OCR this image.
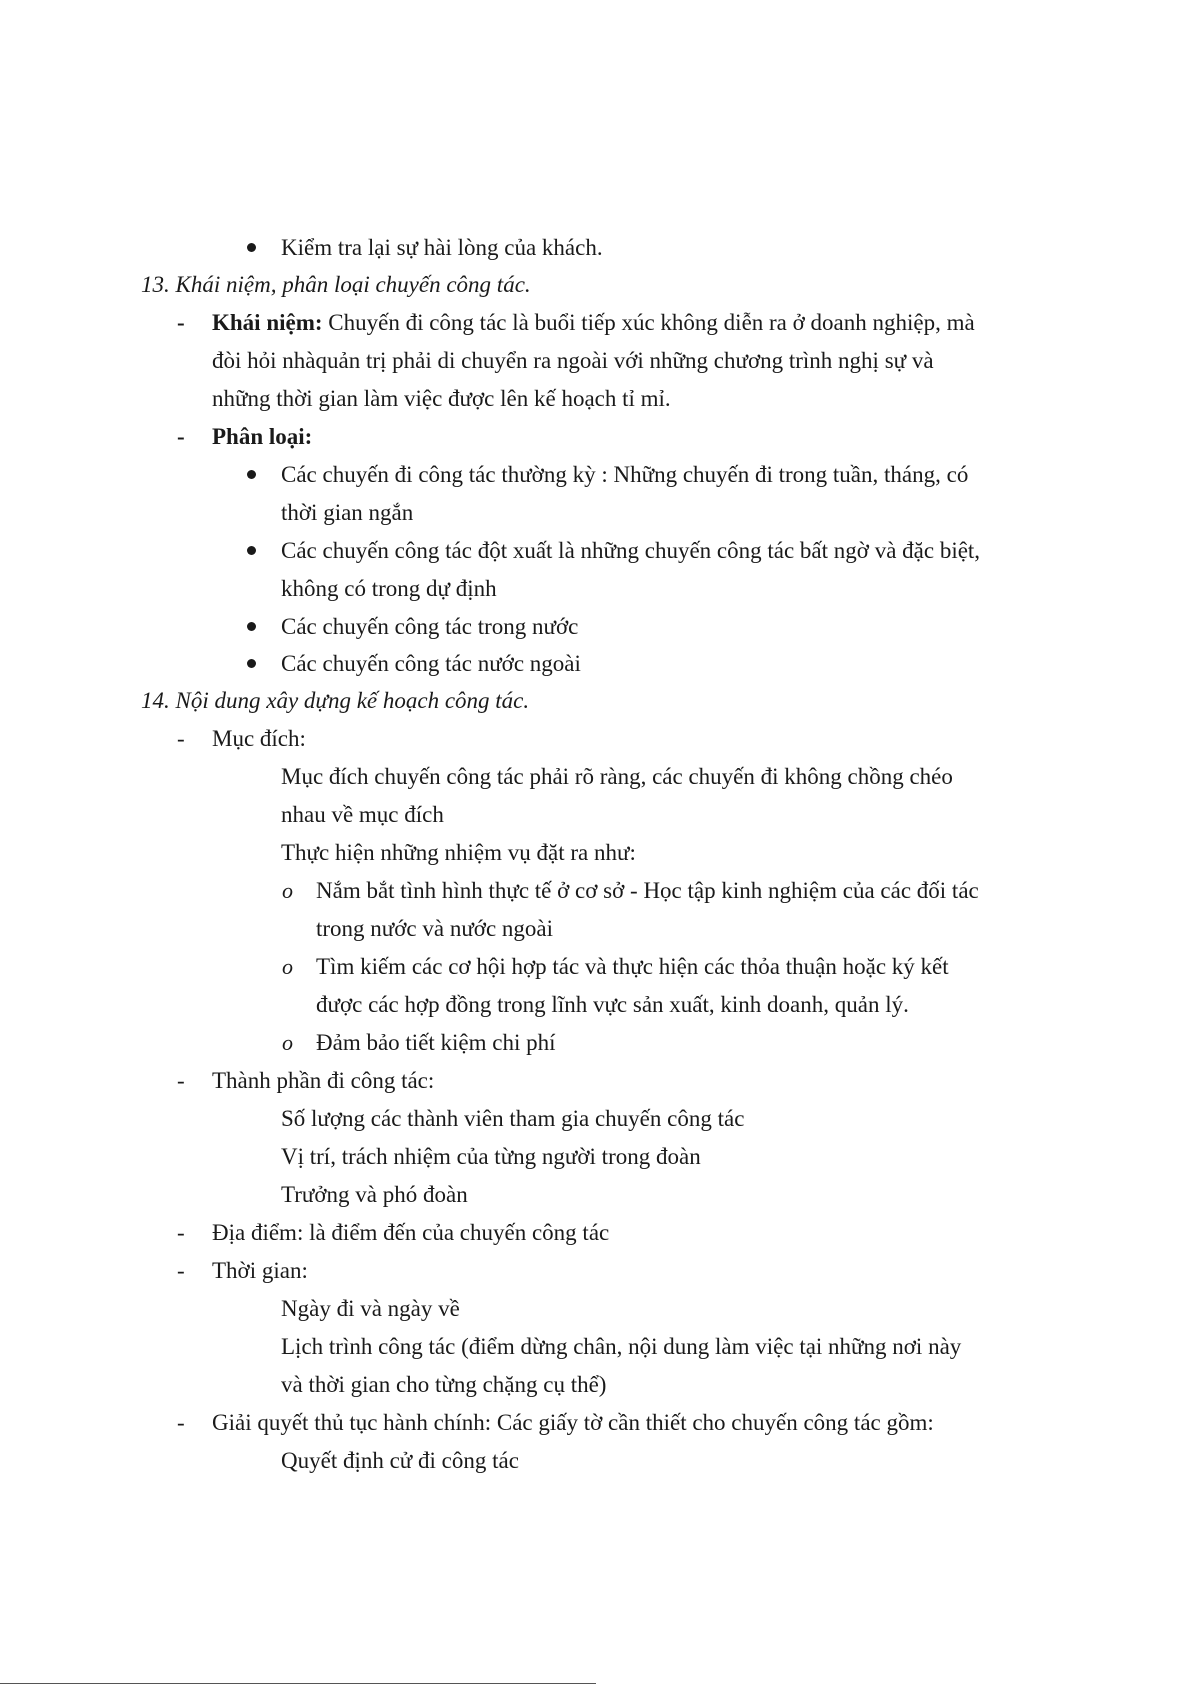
Kiểm tra lại sự hài lòng của khách.
13. Khái niệm, phân loại chuyến công tác.
- Khái niệm: Chuyến đi công tác là buổi tiếp xúc không diễn ra ở doanh nghiệp, mà
đòi hỏi nhàquản trị phải di chuyển ra ngoài với những chương trình nghị sự và
những thời gian làm việc được lên kế hoạch tỉ mỉ.
- Phân loại:
Các chuyến đi công tác thường kỳ : Những chuyến đi trong tuần, tháng, có
thời gian ngắn
Các chuyến công tác đột xuất là những chuyến công tác bất ngờ và đặc biệt,
không có trong dự định
Các chuyến công tác trong nước
Các chuyến công tác nước ngoài
14. Nội dung xây dựng kế hoạch công tác.
- Mục đích:
Mục đích chuyến công tác phải rõ ràng, các chuyến đi không chồng chéo
nhau về mục đích
Thực hiện những nhiệm vụ đặt ra như:
o Nắm bắt tình hình thực tế ở cơ sở - Học tập kinh nghiệm của các đối tác
trong nước và nước ngoài
o Tìm kiếm các cơ hội hợp tác và thực hiện các thỏa thuận hoặc ký kết
được các hợp đồng trong lĩnh vực sản xuất, kinh doanh, quản lý.
o Đảm bảo tiết kiệm chi phí
- Thành phần đi công tác:
Số lượng các thành viên tham gia chuyến công tác
Vị trí, trách nhiệm của từng người trong đoàn
Trưởng và phó đoàn
- Địa điểm: là điểm đến của chuyến công tác
- Thời gian:
Ngày đi và ngày về
Lịch trình công tác (điểm dừng chân, nội dung làm việc tại những nơi này
và thời gian cho từng chặng cụ thể)
- Giải quyết thủ tục hành chính: Các giấy tờ cần thiết cho chuyến công tác gồm:
Quyết định cử đi công tác
